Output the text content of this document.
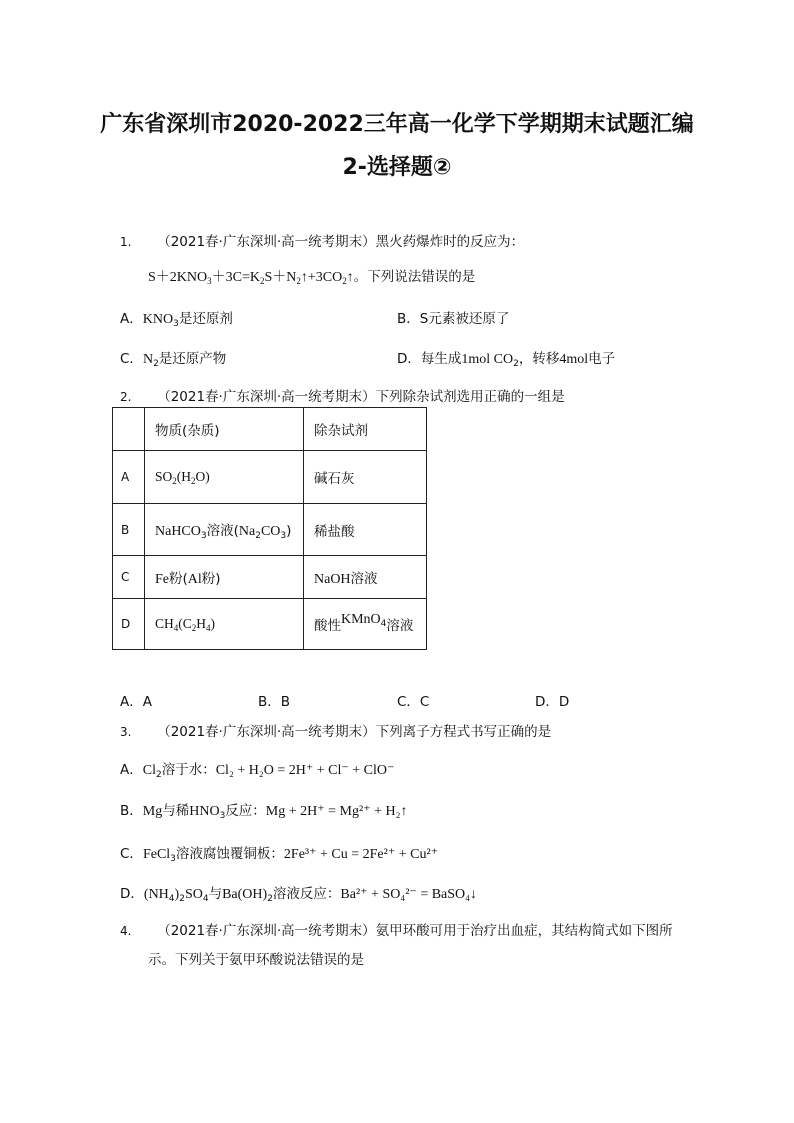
广东省深圳市2020-2022三年高一化学下学期期末试题汇编
2-选择题②
1. （2021春·广东深圳·高一统考期末）黑火药爆炸时的反应为：
$S+2KNO_3+3C=K_2S+N_2↑+3CO_2↑$。下列说法错误的是
A．$KNO_3$是还原剂	B．S元素被还原了
C．$N_2$是还原产物	D．每生成1mol $CO_2$，转移4mol电子
2. （2021春·广东深圳·高一统考期末）下列除杂试剂选用正确的一组是
	物质(杂质)	除杂试剂
A	$SO_2(H_2O)$	碱石灰
B	NaHCO$_3$溶液$(Na_2CO_3)$	稀盐酸
C	Fe粉(Al粉)	NaOH溶液
D	$CH_4(C_2H_4)$	酸性KMnO$_4$溶液
A．A	B．B	C．C	D．D
3. （2021春·广东深圳·高一统考期末）下列离子方程式书写正确的是
A．$Cl_2$溶于水：Cl₂ + H₂O = 2H⁺ + Cl⁻ + ClO⁻
B．Mg与稀$HNO_3$反应：Mg + 2H⁺ = Mg²⁺ + H₂↑
C．FeCl$_3$溶液腐蚀覆铜板：2Fe³⁺ + Cu = 2Fe²⁺ + Cu²⁺
D．$(NH_4)_2SO_4$与$Ba(OH)_2$溶液反应：Ba²⁺ + SO₄²⁻ = BaSO₄↓
4. （2021春·广东深圳·高一统考期末）氨甲环酸可用于治疗出血症，其结构简式如下图所
示。下列关于氨甲环酸说法错误的是
